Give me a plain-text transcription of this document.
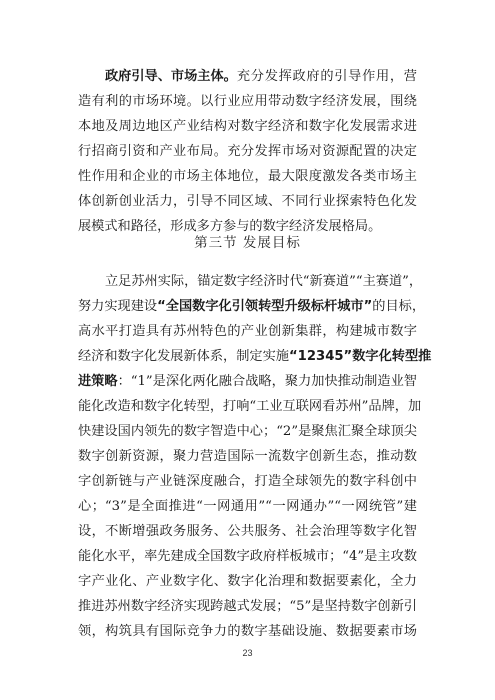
政府引导、市场主体。 充分发挥政府的引导作用，营
造有利的市场环境。以行业应用带动数字经济发展，围绕
本地及周边地区产业结构对数字经济和数字化发展需求进
行招商引资和产业布局。充分发挥市场对资源配置的决定
性作用和企业的市场主体地位，最大限度激发各类市场主
体创新创业活力，引导不同区域、不同行业探索特色化发
展模式和路径，形成多方参与的数字经济发展格局。
第三节 发展目标
立足苏州实际，锚定数字经济时代“新赛道”“主赛道”，
努力实现建设 “全国数字化引领转型升级标杆城市” 的目标，
高水平打造具有苏州特色的产业创新集群，构建城市数字
经济和数字化发展新体系，制定实施 “12345”数字化转型推
进策略 ：“1”是深化两化融合战略，聚力加快推动制造业智
能化改造和数字化转型，打响“工业互联网看苏州”品牌，加
快建设国内领先的数字智造中心；“2”是聚焦汇聚全球顶尖
数字创新资源，聚力营造国际一流数字创新生态，推动数
字创新链与产业链深度融合，打造全球领先的数字科创中
心；“3”是全面推进“一网通用”“一网通办”“一网统管”建
设，不断增强政务服务、公共服务、社会治理等数字化智
能化水平，率先建成全国数字政府样板城市；“4”是主攻数
字产业化、产业数字化、数字化治理和数据要素化，全力
推进苏州数字经济实现跨越式发展；“5”是坚持数字创新引
领，构筑具有国际竞争力的数字基础设施、数据要素市场
23
